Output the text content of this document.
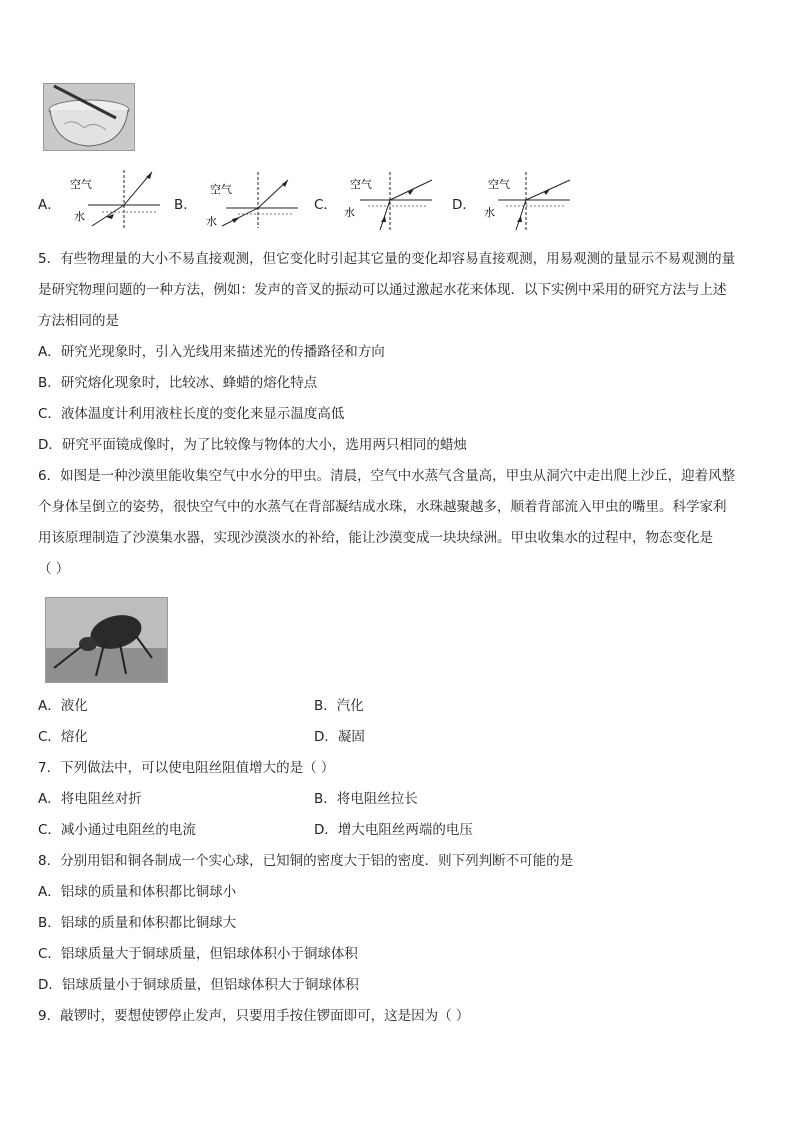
A．
空气
水
B．
空气
水
C．
空气
水	D．
空气
水
5．有些物理量的大小不易直接观测，但它变化时引起其它量的变化却容易直接观测，用易观测的量显示不易观测的量
是研究物理问题的一种方法，例如：发声的音叉的振动可以通过激起水花来体现．以下实例中采用的研究方法与上述
方法相同的是
A．研究光现象时，引入光线用来描述光的传播路径和方向
B．研究熔化现象时，比较冰、蜂蜡的熔化特点
C．液体温度计利用液柱长度的变化来显示温度高低
D．研究平面镜成像时，为了比较像与物体的大小，选用两只相同的蜡烛
6．如图是一种沙漠里能收集空气中水分的甲虫。清晨，空气中水蒸气含量高，甲虫从洞穴中走出爬上沙丘，迎着风整
个身体呈倒立的姿势，很快空气中的水蒸气在背部凝结成水珠，水珠越聚越多，顺着背部流入甲虫的嘴里。科学家利
用该原理制造了沙漠集水器，实现沙漠淡水的补给，能让沙漠变成一块块绿洲。甲虫收集水的过程中，物态变化是
（ ）
A．液化	B．汽化
C．熔化	D．凝固
7．下列做法中，可以使电阻丝阻值增大的是（ ）
A．将电阻丝对折	B．将电阻丝拉长
C．减小通过电阻丝的电流	D．增大电阻丝两端的电压
8．分别用铝和铜各制成一个实心球，已知铜的密度大于铝的密度．则下列判断不可能的是
A．铝球的质量和体积都比铜球小
B．铝球的质量和体积都比铜球大
C．铝球质量大于铜球质量，但铝球体积小于铜球体积
D．铝球质量小于铜球质量，但铝球体积大于铜球体积
9．敲锣时，要想使锣停止发声，只要用手按住锣面即可，这是因为（ ）
